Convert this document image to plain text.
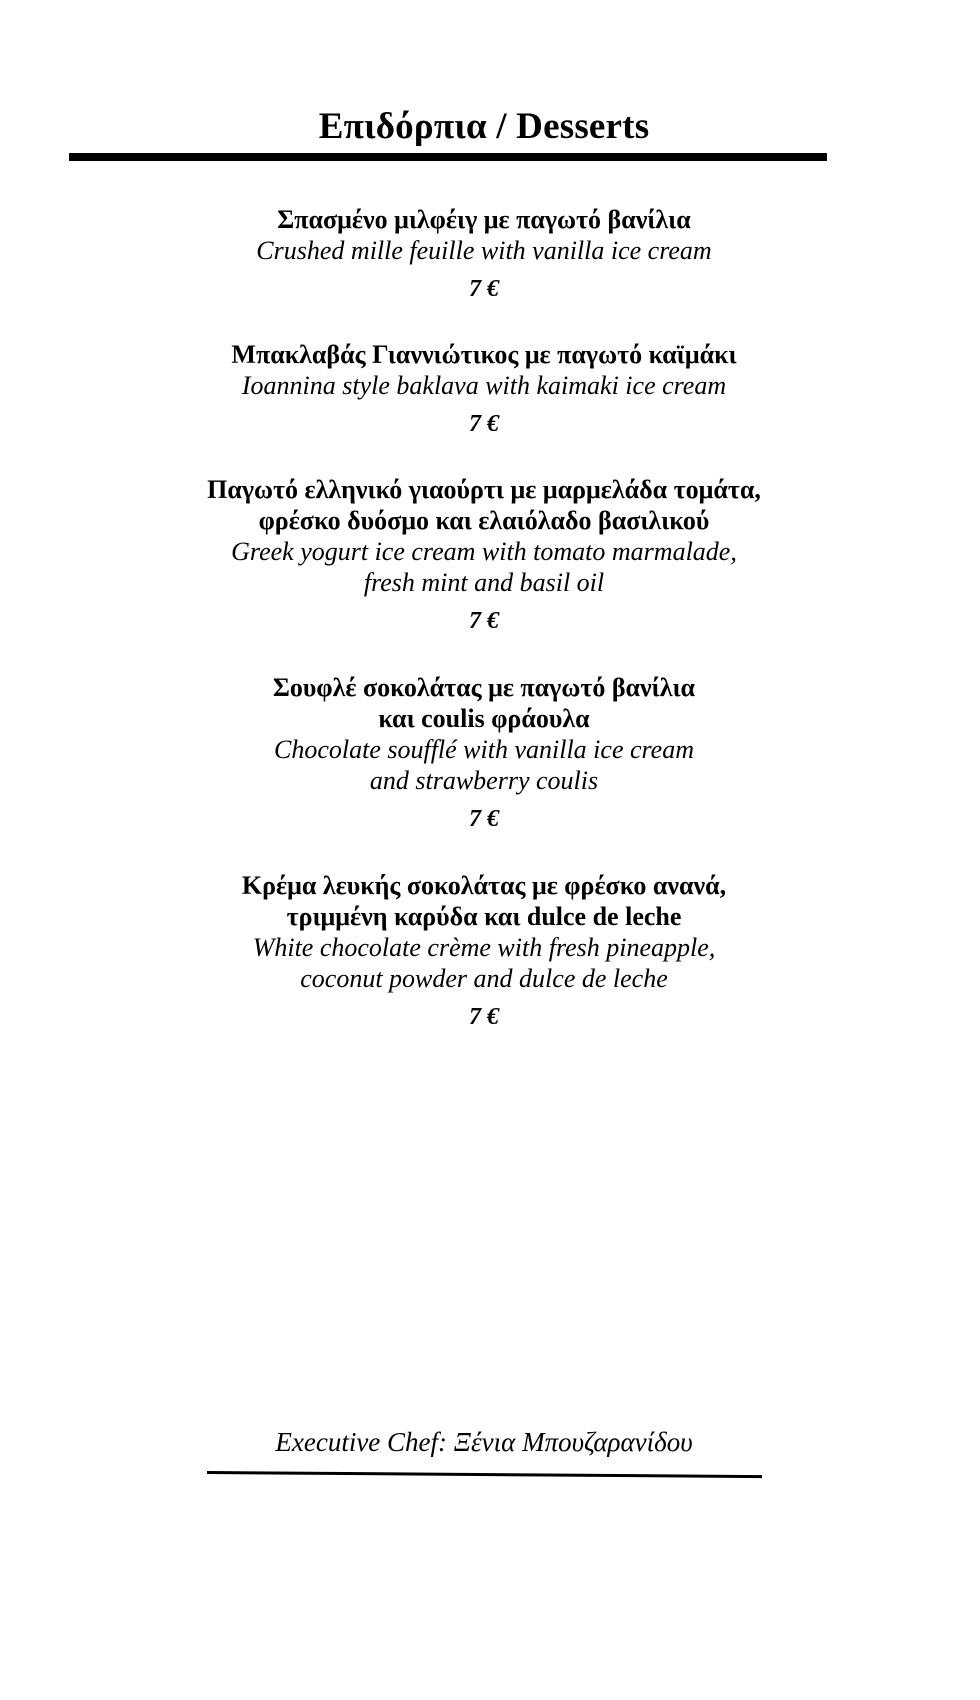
Επιδόρπια / Desserts
Σπασμένο μιλφέιγ με παγωτό βανίλια
Crushed mille feuille with vanilla ice cream
7 €
Μπακλαβάς Γιαννιώτικος με παγωτό καϊμάκι
Ioannina style baklava with kaimaki ice cream
7 €
Παγωτό ελληνικό γιαούρτι με μαρμελάδα τομάτα,
φρέσκο δυόσμο και ελαιόλαδο βασιλικού
Greek yogurt ice cream with tomato marmalade,
fresh mint and basil oil
7 €
Σουφλέ σοκολάτας με παγωτό βανίλια
και coulis φράουλα
Chocolate soufflé with vanilla ice cream
and strawberry coulis
7 €
Κρέμα λευκής σοκολάτας με φρέσκο ανανά,
τριμμένη καρύδα και dulce de leche
White chocolate crème with fresh pineapple,
coconut powder and dulce de leche
7 €
Executive Chef: Ξένια Μπουζαρανίδου
